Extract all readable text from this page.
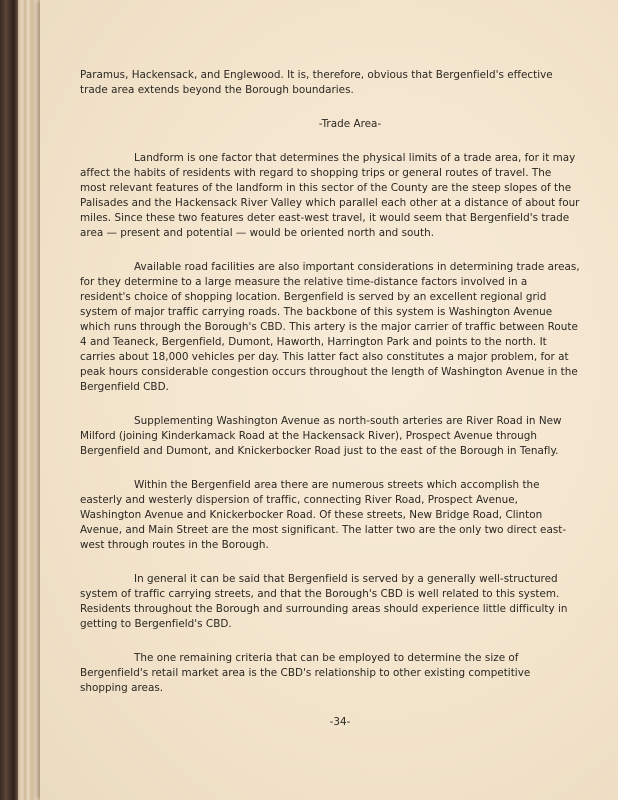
Paramus, Hackensack, and Englewood. It is, therefore, obvious that Bergenfield's effective trade area extends beyond the Borough boundaries.

-Trade Area-

Landform is one factor that determines the physical limits of a trade area, for it may affect the habits of residents with regard to shopping trips or general routes of travel. The most relevant features of the landform in this sector of the County are the steep slopes of the Palisades and the Hackensack River Valley which parallel each other at a distance of about four miles. Since these two features deter east-west travel, it would seem that Bergenfield's trade area — present and potential — would be oriented north and south.

Available road facilities are also important considerations in determining trade areas, for they determine to a large measure the relative time-distance factors involved in a resident's choice of shopping location. Bergenfield is served by an excellent regional grid system of major traffic carrying roads. The backbone of this system is Washington Avenue which runs through the Borough's CBD. This artery is the major carrier of traffic between Route 4 and Teaneck, Bergenfield, Dumont, Haworth, Harrington Park and points to the north. It carries about 18,000 vehicles per day. This latter fact also constitutes a major problem, for at peak hours considerable congestion occurs throughout the length of Washington Avenue in the Bergenfield CBD.

Supplementing Washington Avenue as north-south arteries are River Road in New Milford (joining Kinderkamack Road at the Hackensack River), Prospect Avenue through Bergenfield and Dumont, and Knickerbocker Road just to the east of the Borough in Tenafly.

Within the Bergenfield area there are numerous streets which accomplish the easterly and westerly dispersion of traffic, connecting River Road, Prospect Avenue, Washington Avenue and Knickerbocker Road. Of these streets, New Bridge Road, Clinton Avenue, and Main Street are the most significant. The latter two are the only two direct east-west through routes in the Borough.

In general it can be said that Bergenfield is served by a generally well-structured system of traffic carrying streets, and that the Borough's CBD is well related to this system. Residents throughout the Borough and surrounding areas should experience little difficulty in getting to Bergenfield's CBD.

The one remaining criteria that can be employed to determine the size of Bergenfield's retail market area is the CBD's relationship to other existing competitive shopping areas.

-34-
